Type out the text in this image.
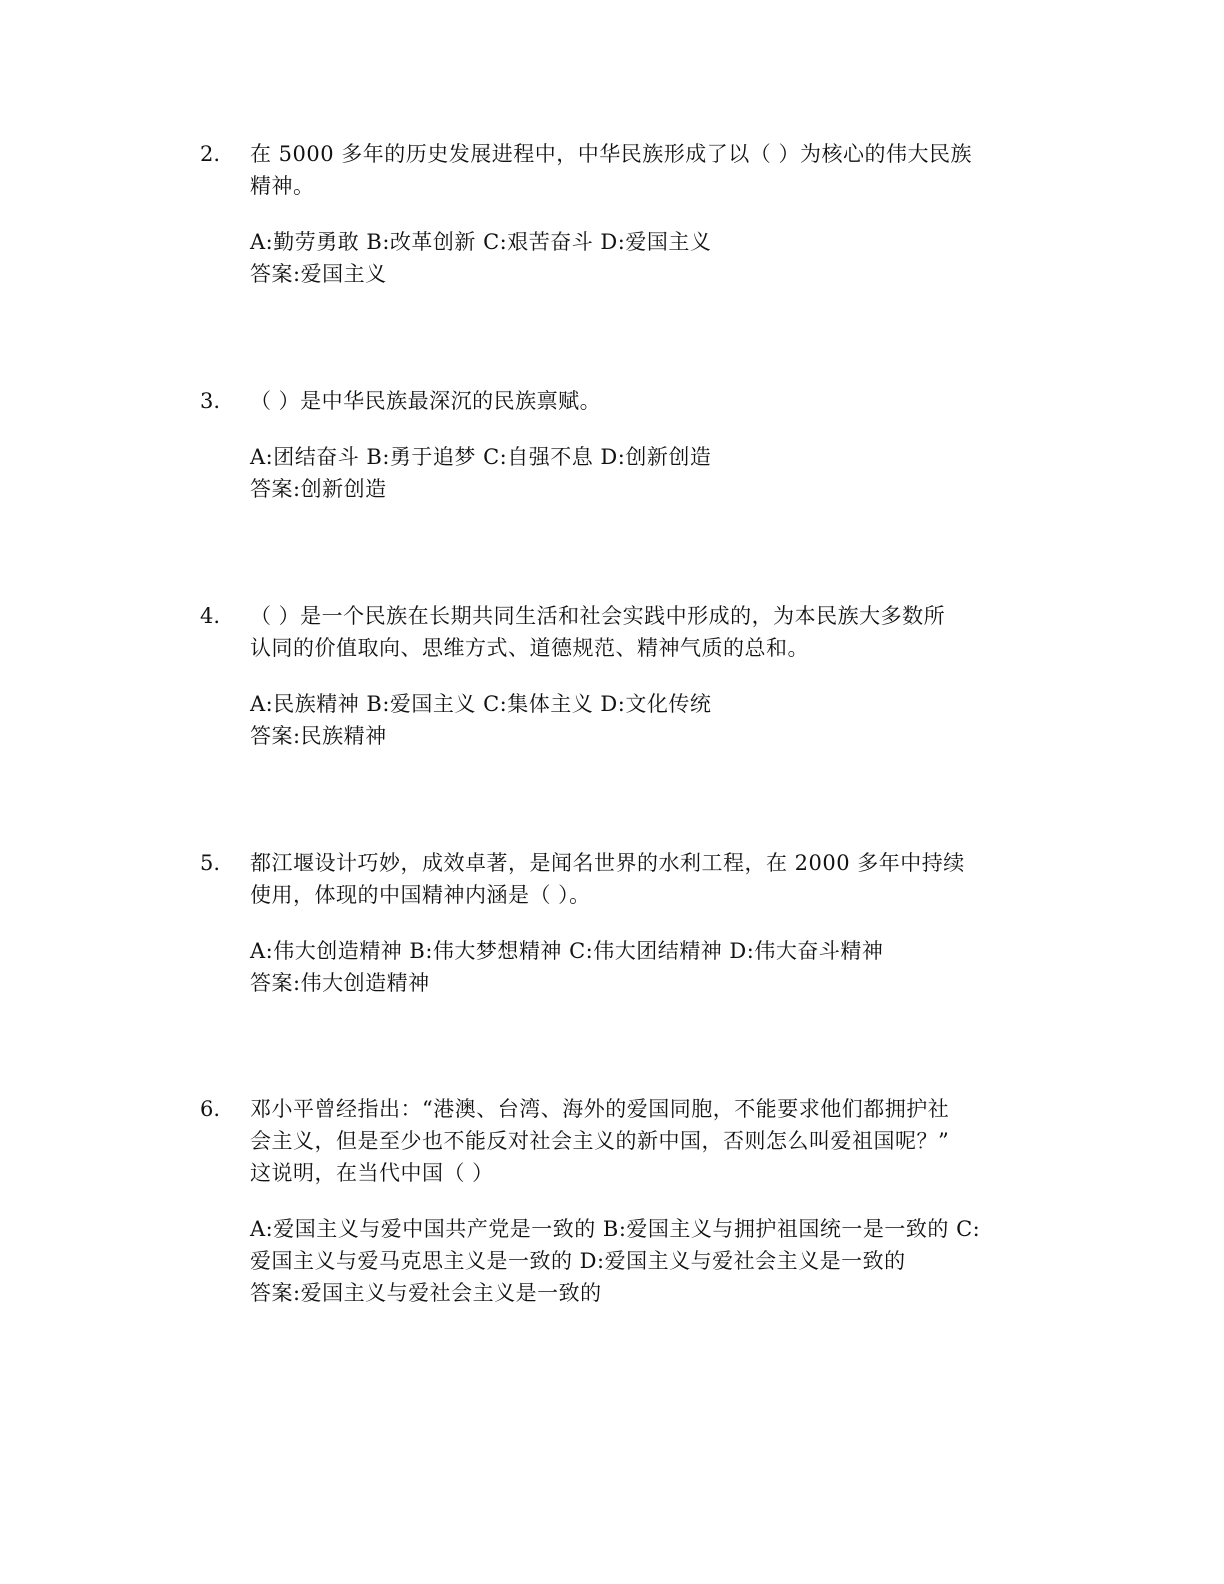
2. 在 5000 多年的历史发展进程中，中华民族形成了以（ ）为核心的伟大民族
精神。
A:勤劳勇敢 B:改革创新 C:艰苦奋斗 D:爱国主义
答案:爱国主义
3. （ ）是中华民族最深沉的民族禀赋。
A:团结奋斗 B:勇于追梦 C:自强不息 D:创新创造
答案:创新创造
4. （ ）是一个民族在长期共同生活和社会实践中形成的，为本民族大多数所
认同的价值取向、思维方式、道德规范、精神气质的总和。
A:民族精神 B:爱国主义 C:集体主义 D:文化传统
答案:民族精神
5. 都江堰设计巧妙，成效卓著，是闻名世界的水利工程，在 2000 多年中持续
使用，体现的中国精神内涵是（ ）。
A:伟大创造精神 B:伟大梦想精神 C:伟大团结精神 D:伟大奋斗精神
答案:伟大创造精神
6. 邓小平曾经指出：“港澳、台湾、海外的爱国同胞，不能要求他们都拥护社
会主义，但是至少也不能反对社会主义的新中国，否则怎么叫爱祖国呢？”
这说明，在当代中国（ ）
A:爱国主义与爱中国共产党是一致的 B:爱国主义与拥护祖国统一是一致的 C:
爱国主义与爱马克思主义是一致的 D:爱国主义与爱社会主义是一致的
答案:爱国主义与爱社会主义是一致的
